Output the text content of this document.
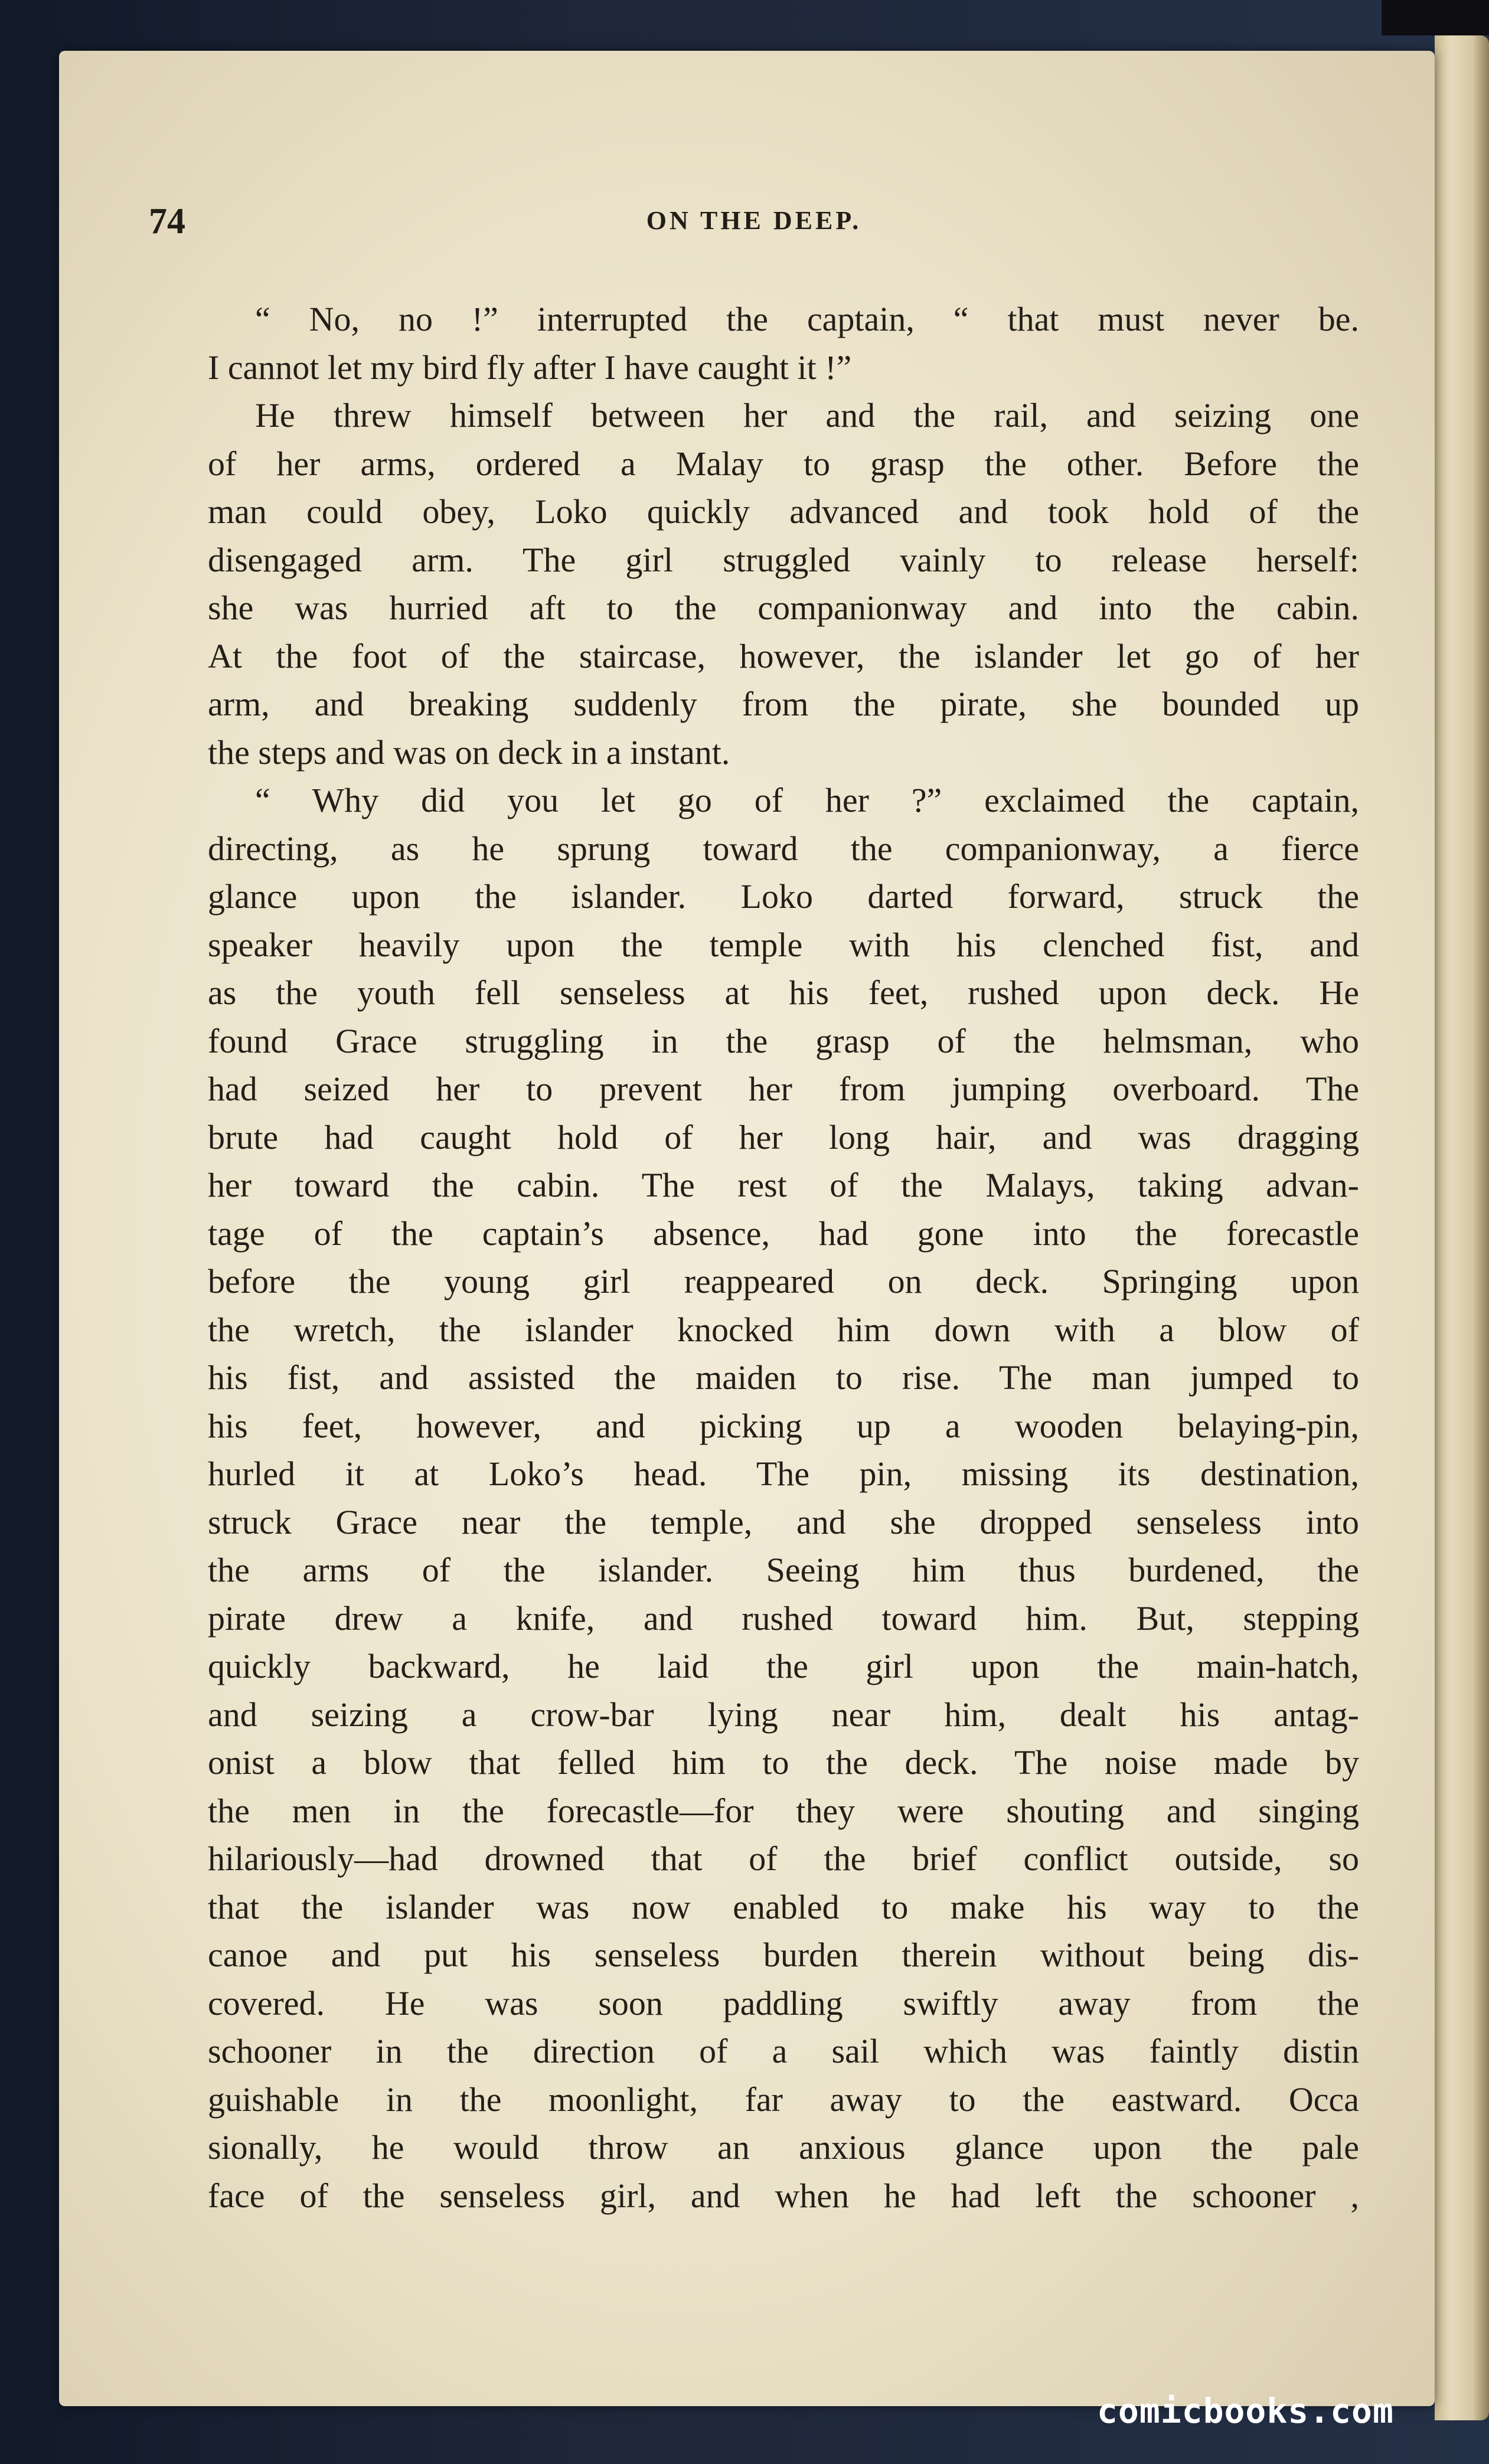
74	ON THE DEEP.
“ No, no !” interrupted the captain, “ that must never be.
I cannot let my bird fly after I have caught it !”
He threw himself between her and the rail, and seizing one
of her arms, ordered a Malay to grasp the other. Before the
man could obey, Loko quickly advanced and took hold of the
disengaged arm. The girl struggled vainly to release herself:
she was hurried aft to the companionway and into the cabin.
At the foot of the staircase, however, the islander let go of her
arm, and breaking suddenly from the pirate, she bounded up
the steps and was on deck in a instant.
“ Why did you let go of her ?” exclaimed the captain,
directing, as he sprung toward the companionway, a fierce
glance upon the islander. Loko darted forward, struck the
speaker heavily upon the temple with his clenched fist, and
as the youth fell senseless at his feet, rushed upon deck. He
found Grace struggling in the grasp of the helmsman, who
had seized her to prevent her from jumping overboard. The
brute had caught hold of her long hair, and was dragging
her toward the cabin. The rest of the Malays, taking advan-
tage of the captain’s absence, had gone into the forecastle
before the young girl reappeared on deck. Springing upon
the wretch, the islander knocked him down with a blow of
his fist, and assisted the maiden to rise. The man jumped to
his feet, however, and picking up a wooden belaying-pin,
hurled it at Loko’s head. The pin, missing its destination,
struck Grace near the temple, and she dropped senseless into
the arms of the islander. Seeing him thus burdened, the
pirate drew a knife, and rushed toward him. But, stepping
quickly backward, he laid the girl upon the main-hatch,
and seizing a crow-bar lying near him, dealt his antag-
onist a blow that felled him to the deck. The noise made by
the men in the forecastle—for they were shouting and singing
hilariously—had drowned that of the brief conflict outside, so
that the islander was now enabled to make his way to the
canoe and put his senseless burden therein without being dis-
covered. He was soon paddling swiftly away from the
schooner in the direction of a sail which was faintly distin
guishable in the moonlight, far away to the eastward. Occa
sionally, he would throw an anxious glance upon the pale
face of the senseless girl, and when he had left the schooner ,
comicbooks.com
